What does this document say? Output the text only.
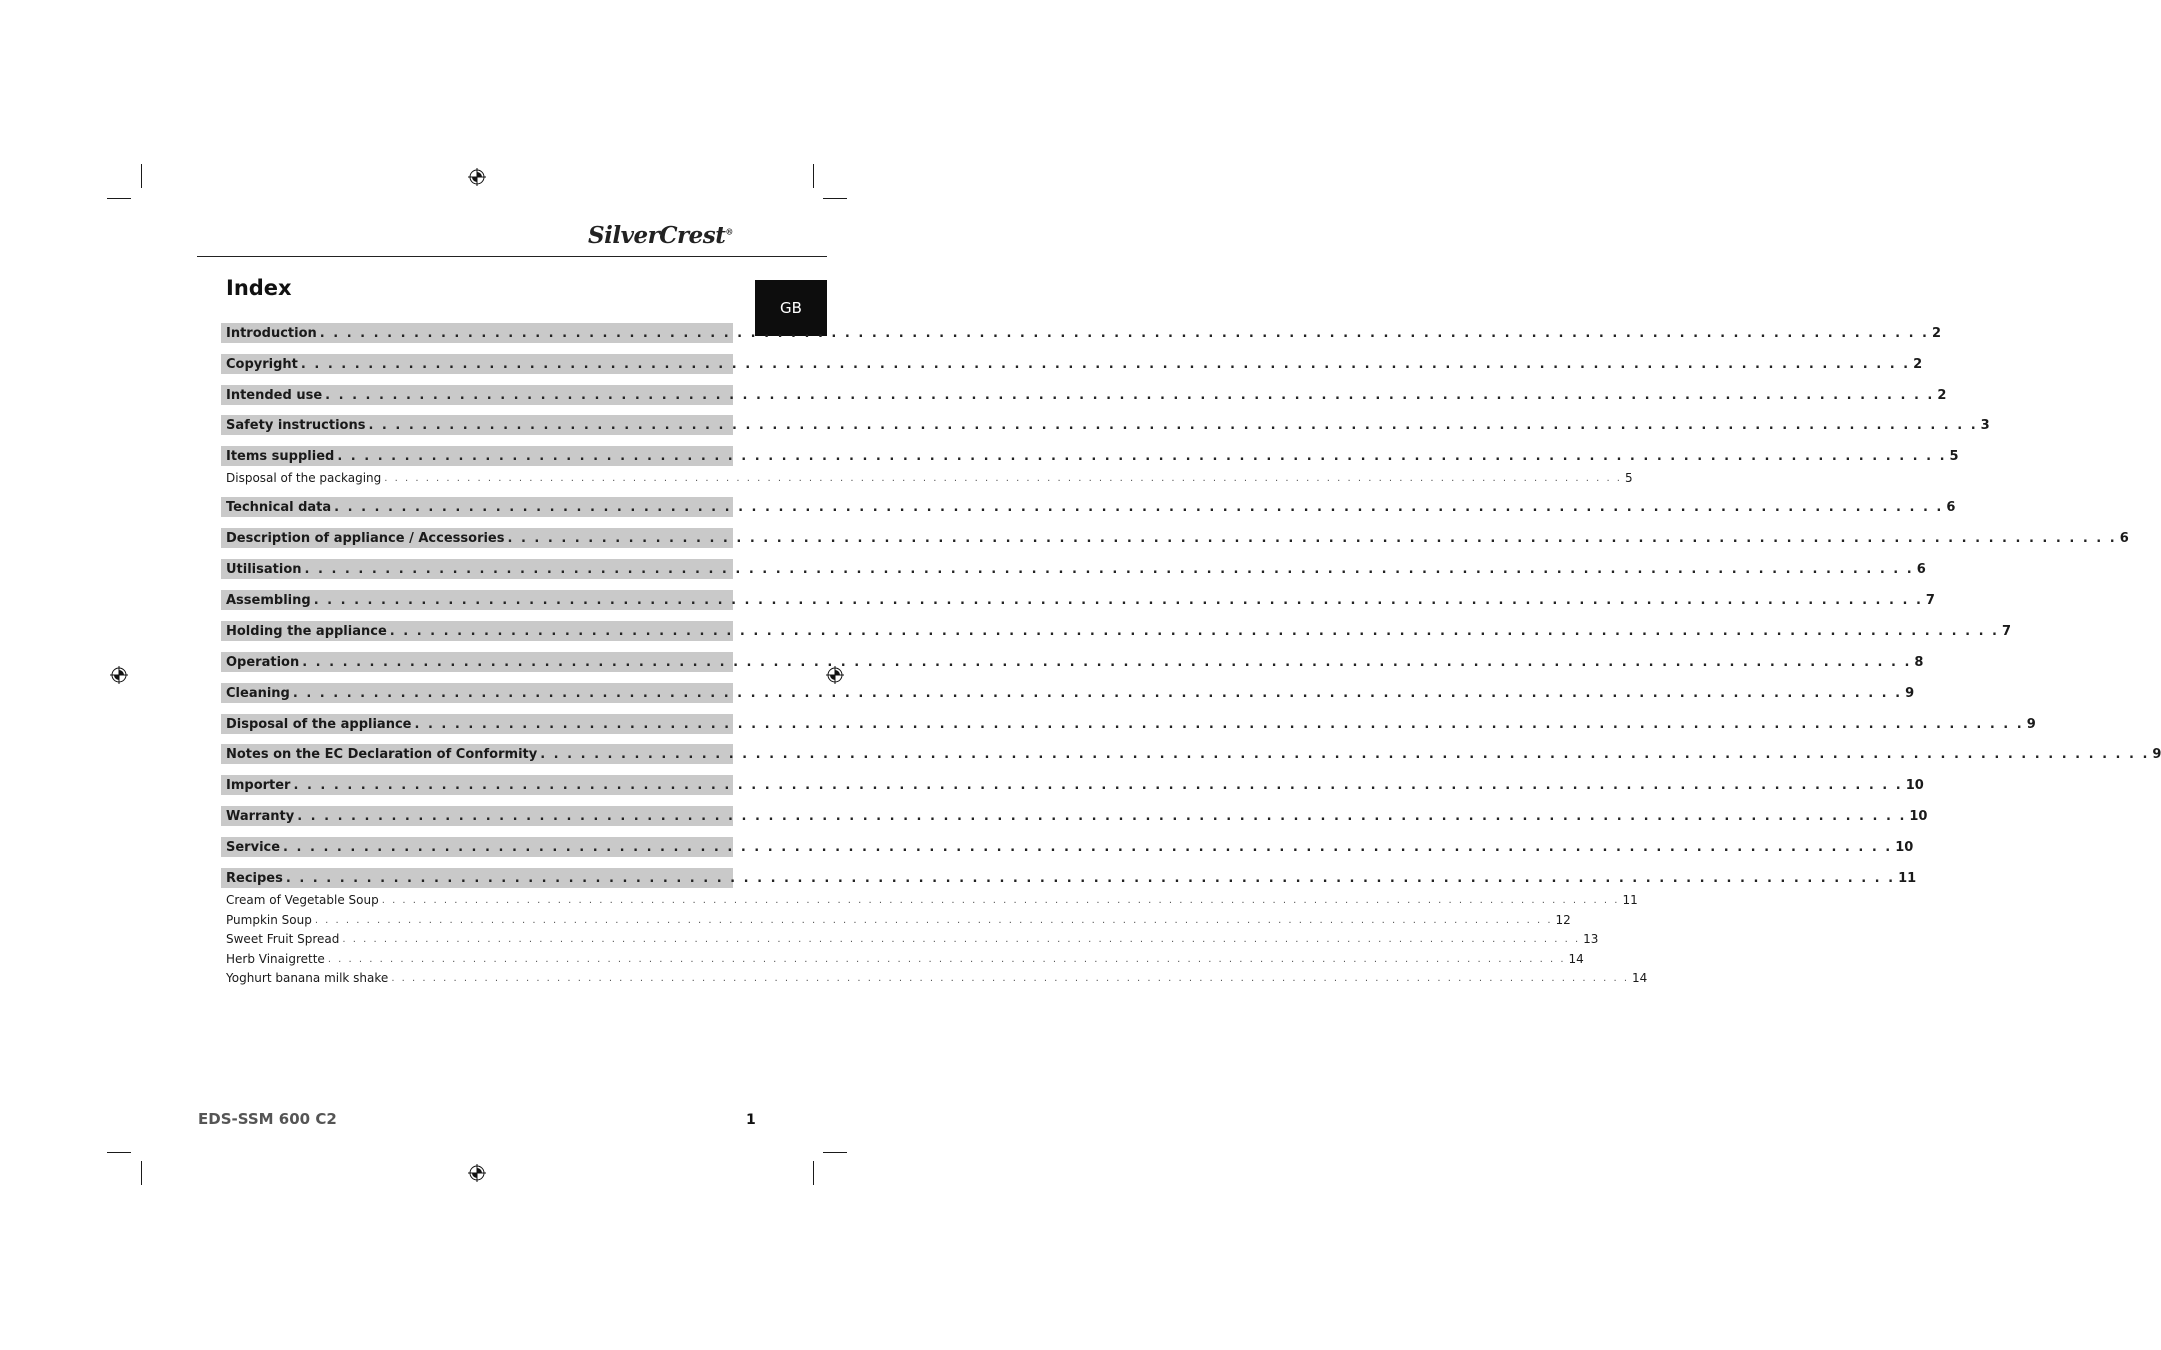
SilverCrest®
GB
Index
Introduction . . . . . . . . . . . . . . . . . . . . . . . . . . . . . . . . . . . . . . . . . . . . . . . . . . . . . . . . . . . . . . . . . . . . . . . . . . . . . . . . . . . . . . . . . . . . . . . . . . . . . . . . . . . . . . . . . . . . . . . . 2
Copyright . . . . . . . . . . . . . . . . . . . . . . . . . . . . . . . . . . . . . . . . . . . . . . . . . . . . . . . . . . . . . . . . . . . . . . . . . . . . . . . . . . . . . . . . . . . . . . . . . . . . . . . . . . . . . . . . . . . . . . . . 2
Intended use . . . . . . . . . . . . . . . . . . . . . . . . . . . . . . . . . . . . . . . . . . . . . . . . . . . . . . . . . . . . . . . . . . . . . . . . . . . . . . . . . . . . . . . . . . . . . . . . . . . . . . . . . . . . . . . . . . . . . . . . 2
Safety instructions . . . . . . . . . . . . . . . . . . . . . . . . . . . . . . . . . . . . . . . . . . . . . . . . . . . . . . . . . . . . . . . . . . . . . . . . . . . . . . . . . . . . . . . . . . . . . . . . . . . . . . . . . . . . . . . . . . . . . . . . 3
Items supplied . . . . . . . . . . . . . . . . . . . . . . . . . . . . . . . . . . . . . . . . . . . . . . . . . . . . . . . . . . . . . . . . . . . . . . . . . . . . . . . . . . . . . . . . . . . . . . . . . . . . . . . . . . . . . . . . . . . . . . . . 5
Disposal of the packaging . . . . . . . . . . . . . . . . . . . . . . . . . . . . . . . . . . . . . . . . . . . . . . . . . . . . . . . . . . . . . . . . . . . . . . . . . . . . . . . . . . . . . . . . . . . . . . . . . . . . . . . . . . . . . . . . . . . . . . . . 5
Technical data . . . . . . . . . . . . . . . . . . . . . . . . . . . . . . . . . . . . . . . . . . . . . . . . . . . . . . . . . . . . . . . . . . . . . . . . . . . . . . . . . . . . . . . . . . . . . . . . . . . . . . . . . . . . . . . . . . . . . . . . 6
Description of appliance / Accessories . . . . . . . . . . . . . . . . . . . . . . . . . . . . . . . . . . . . . . . . . . . . . . . . . . . . . . . . . . . . . . . . . . . . . . . . . . . . . . . . . . . . . . . . . . . . . . . . . . . . . . . . . . . . . . . . . . . . . . . . 6
Utilisation . . . . . . . . . . . . . . . . . . . . . . . . . . . . . . . . . . . . . . . . . . . . . . . . . . . . . . . . . . . . . . . . . . . . . . . . . . . . . . . . . . . . . . . . . . . . . . . . . . . . . . . . . . . . . . . . . . . . . . . . 6
Assembling . . . . . . . . . . . . . . . . . . . . . . . . . . . . . . . . . . . . . . . . . . . . . . . . . . . . . . . . . . . . . . . . . . . . . . . . . . . . . . . . . . . . . . . . . . . . . . . . . . . . . . . . . . . . . . . . . . . . . . . . 7
Holding the appliance . . . . . . . . . . . . . . . . . . . . . . . . . . . . . . . . . . . . . . . . . . . . . . . . . . . . . . . . . . . . . . . . . . . . . . . . . . . . . . . . . . . . . . . . . . . . . . . . . . . . . . . . . . . . . . . . . . . . . . . . 7
Operation . . . . . . . . . . . . . . . . . . . . . . . . . . . . . . . . . . . . . . . . . . . . . . . . . . . . . . . . . . . . . . . . . . . . . . . . . . . . . . . . . . . . . . . . . . . . . . . . . . . . . . . . . . . . . . . . . . . . . . . . 8
Cleaning . . . . . . . . . . . . . . . . . . . . . . . . . . . . . . . . . . . . . . . . . . . . . . . . . . . . . . . . . . . . . . . . . . . . . . . . . . . . . . . . . . . . . . . . . . . . . . . . . . . . . . . . . . . . . . . . . . . . . . . . 9
Disposal of the appliance . . . . . . . . . . . . . . . . . . . . . . . . . . . . . . . . . . . . . . . . . . . . . . . . . . . . . . . . . . . . . . . . . . . . . . . . . . . . . . . . . . . . . . . . . . . . . . . . . . . . . . . . . . . . . . . . . . . . . . . . 9
Notes on the EC Declaration of Conformity . . . . . . . . . . . . . . . . . . . . . . . . . . . . . . . . . . . . . . . . . . . . . . . . . . . . . . . . . . . . . . . . . . . . . . . . . . . . . . . . . . . . . . . . . . . . . . . . . . . . . . . . . . . . . . . . . . . . . . . . 9
Importer . . . . . . . . . . . . . . . . . . . . . . . . . . . . . . . . . . . . . . . . . . . . . . . . . . . . . . . . . . . . . . . . . . . . . . . . . . . . . . . . . . . . . . . . . . . . . . . . . . . . . . . . . . . . . . . . . . . . . . . . 10
Warranty . . . . . . . . . . . . . . . . . . . . . . . . . . . . . . . . . . . . . . . . . . . . . . . . . . . . . . . . . . . . . . . . . . . . . . . . . . . . . . . . . . . . . . . . . . . . . . . . . . . . . . . . . . . . . . . . . . . . . . . . 10
Service . . . . . . . . . . . . . . . . . . . . . . . . . . . . . . . . . . . . . . . . . . . . . . . . . . . . . . . . . . . . . . . . . . . . . . . . . . . . . . . . . . . . . . . . . . . . . . . . . . . . . . . . . . . . . . . . . . . . . . . . 10
Recipes . . . . . . . . . . . . . . . . . . . . . . . . . . . . . . . . . . . . . . . . . . . . . . . . . . . . . . . . . . . . . . . . . . . . . . . . . . . . . . . . . . . . . . . . . . . . . . . . . . . . . . . . . . . . . . . . . . . . . . . . 11
Cream of Vegetable Soup . . . . . . . . . . . . . . . . . . . . . . . . . . . . . . . . . . . . . . . . . . . . . . . . . . . . . . . . . . . . . . . . . . . . . . . . . . . . . . . . . . . . . . . . . . . . . . . . . . . . . . . . . . . . . . . . . . . . . . . . 11
Pumpkin Soup . . . . . . . . . . . . . . . . . . . . . . . . . . . . . . . . . . . . . . . . . . . . . . . . . . . . . . . . . . . . . . . . . . . . . . . . . . . . . . . . . . . . . . . . . . . . . . . . . . . . . . . . . . . . . . . . . . . . . . . . 12
Sweet Fruit Spread . . . . . . . . . . . . . . . . . . . . . . . . . . . . . . . . . . . . . . . . . . . . . . . . . . . . . . . . . . . . . . . . . . . . . . . . . . . . . . . . . . . . . . . . . . . . . . . . . . . . . . . . . . . . . . . . . . . . . . . . 13
Herb Vinaigrette . . . . . . . . . . . . . . . . . . . . . . . . . . . . . . . . . . . . . . . . . . . . . . . . . . . . . . . . . . . . . . . . . . . . . . . . . . . . . . . . . . . . . . . . . . . . . . . . . . . . . . . . . . . . . . . . . . . . . . . . 14
Yoghurt banana milk shake . . . . . . . . . . . . . . . . . . . . . . . . . . . . . . . . . . . . . . . . . . . . . . . . . . . . . . . . . . . . . . . . . . . . . . . . . . . . . . . . . . . . . . . . . . . . . . . . . . . . . . . . . . . . . . . . . . . . . . . . 14
EDS-SSM 600 C2	1
